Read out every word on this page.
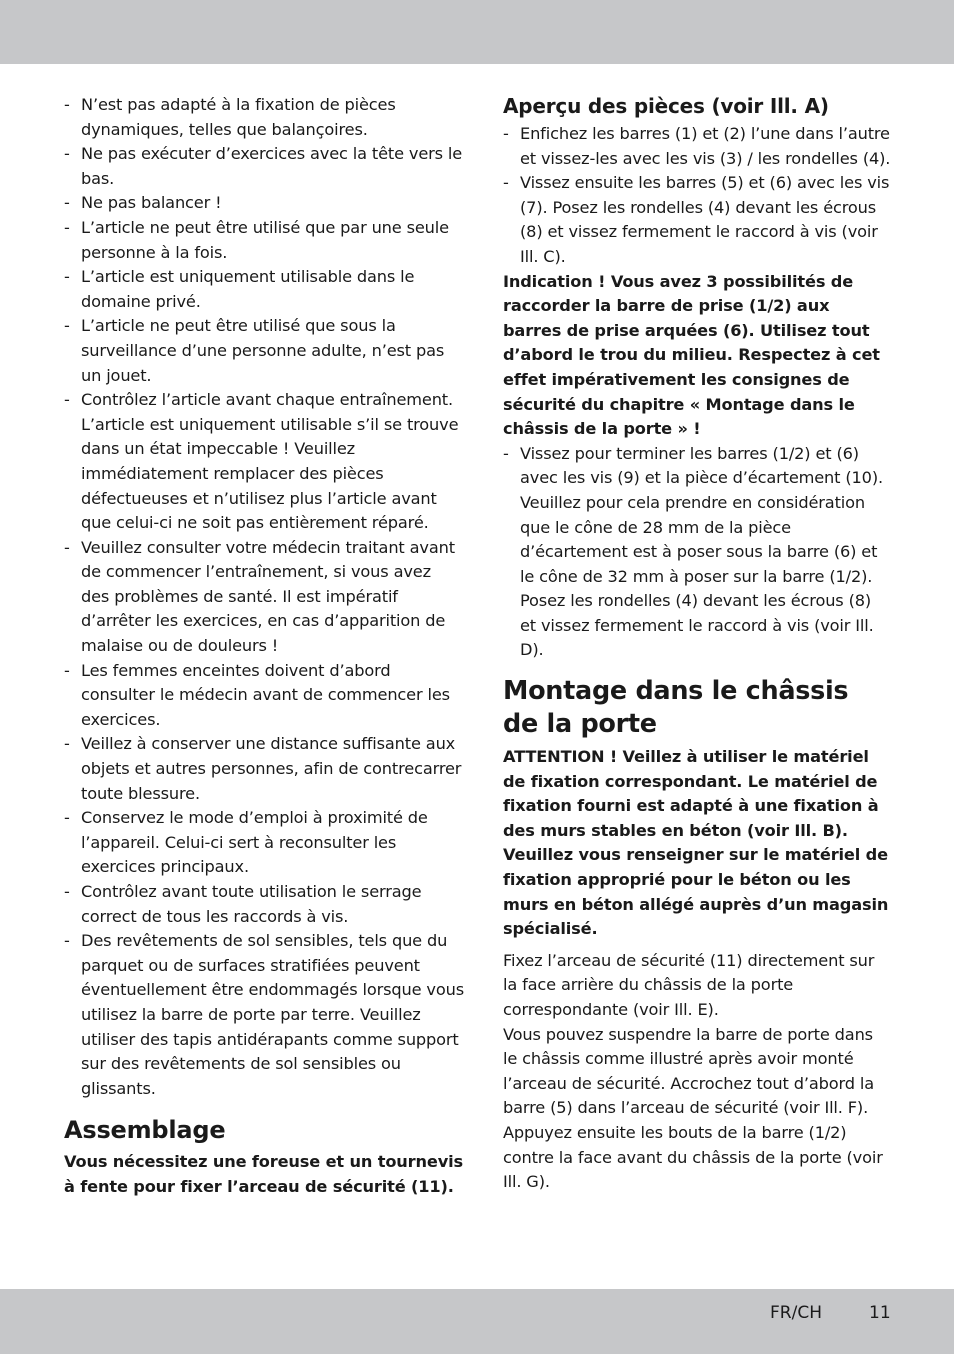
- N’est pas adapté à la fixation de pièces dynamiques, telles que balançoires.
- Ne pas exécuter d’exercices avec la tête vers le bas.
- Ne pas balancer !
- L’article ne peut être utilisé que par une seule personne à la fois.
- L’article est uniquement utilisable dans le domaine privé.
- L’article ne peut être utilisé que sous la surveillance d’une personne adulte, n’est pas un jouet.
- Contrôlez l’article avant chaque entraînement. L’article est uniquement utilisable s’il se trouve dans un état impeccable ! Veuillez immédiatement remplacer des pièces défectueuses et n’utilisez plus l’article avant que celui-ci ne soit pas entièrement réparé.
- Veuillez consulter votre médecin traitant avant de commencer l’entraînement, si vous avez des problèmes de santé. Il est impératif d’arrêter les exercices, en cas d’apparition de malaise ou de douleurs !
- Les femmes enceintes doivent d’abord consulter le médecin avant de commencer les exercices.
- Veillez à conserver une distance suffisante aux objets et autres personnes, afin de contrecarrer toute blessure.
- Conservez le mode d’emploi à proximité de l’appareil. Celui-ci sert à reconsulter les exercices principaux.
- Contrôlez avant toute utilisation le serrage correct de tous les raccords à vis.
- Des revêtements de sol sensibles, tels que du parquet ou de surfaces stratifiées peuvent éventuellement être endommagés lorsque vous utilisez la barre de porte par terre. Veuillez utiliser des tapis antidérapants comme support sur des revêtements de sol sensibles ou glissants.
Assemblage

Vous nécessitez une foreuse et un tournevis à fente pour fixer l’arceau de sécurité (11).

Aperçu des pièces (voir Ill. A)
- Enfichez les barres (1) et (2) l’une dans l’autre et vissez-les avec les vis (3) / les rondelles (4).
- Vissez ensuite les barres (5) et (6) avec les vis (7). Posez les rondelles (4) devant les écrous (8) et vissez fermement le raccord à vis (voir Ill. C).

Indication ! Vous avez 3 possibilités de raccorder la barre de prise (1/2) aux barres de prise arquées (6). Utilisez tout d’abord le trou du milieu. Respectez à cet effet impérativement les consignes de sécurité du chapitre « Montage dans le châssis de la porte » !

- Vissez pour terminer les barres (1/2) et (6) avec les vis (9) et la pièce d’écartement (10). Veuillez pour cela prendre en considération que le cône de 28 mm de la pièce d’écartement est à poser sous la barre (6) et le cône de 32 mm à poser sur la barre (1/2). Posez les rondelles (4) devant les écrous (8) et vissez fermement le raccord à vis (voir Ill. D).
Montage dans le châssis de la porte

ATTENTION ! Veillez à utiliser le matériel de fixation correspondant. Le matériel de fixation fourni est adapté à une fixation à des murs stables en béton (voir Ill. B).

Veuillez vous renseigner sur le matériel de fixation approprié pour le béton ou les murs en béton allégé auprès d’un magasin spécialisé.

Fixez l’arceau de sécurité (11) directement sur la face arrière du châssis de la porte correspondante (voir Ill. E).

Vous pouvez suspendre la barre de porte dans le châssis comme illustré après avoir monté l’arceau de sécurité. Accrochez tout d’abord la barre (5) dans l’arceau de sécurité (voir Ill. F). Appuyez ensuite les bouts de la barre (1/2) contre la face avant du châssis de la porte (voir Ill. G).

FR/CH	11
